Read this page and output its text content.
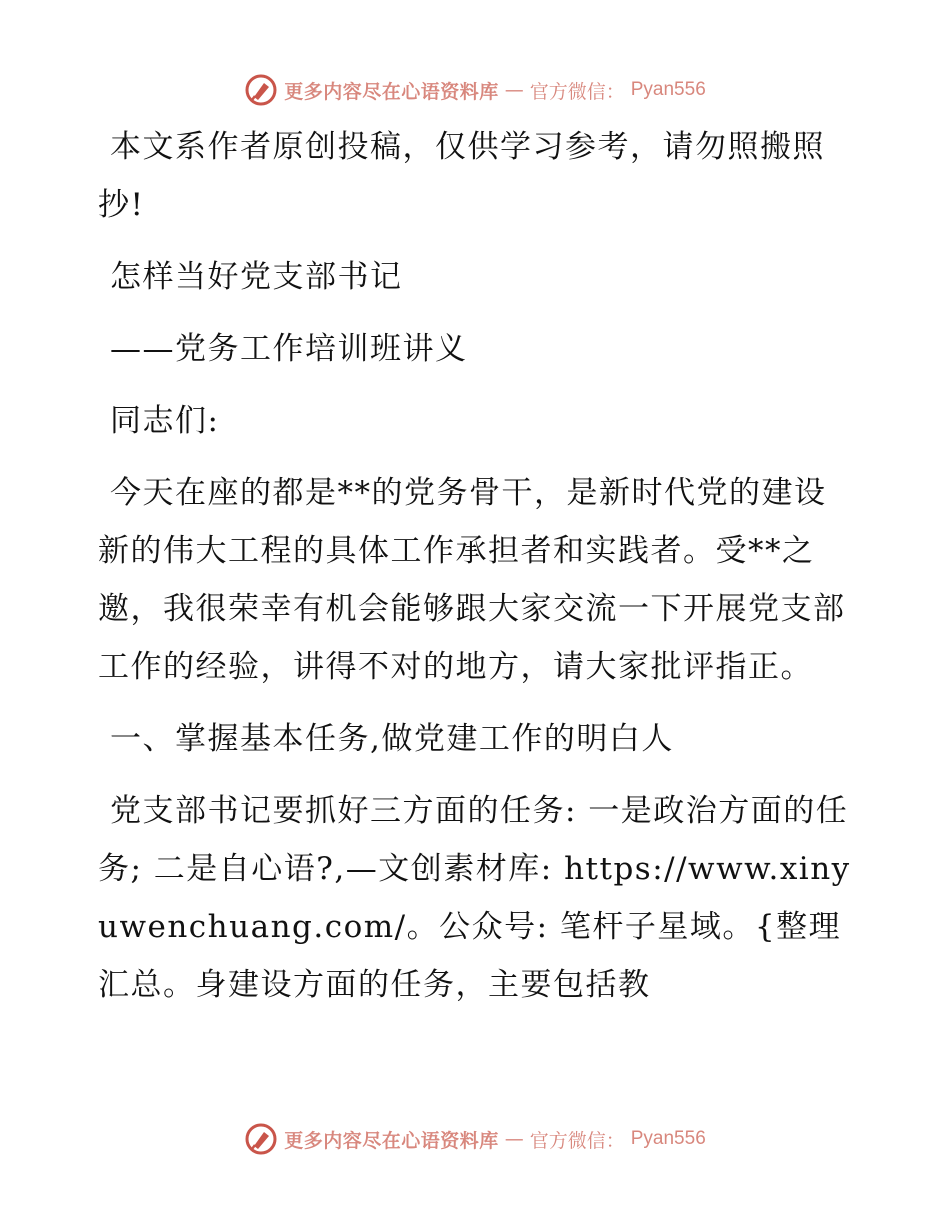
更多内容尽在心语资料库 — 官方微信： Pyan556

本文系作者原创投稿，仅供学习参考，请勿照搬照抄!

怎样当好党支部书记

——党务工作培训班讲义

同志们:

今天在座的都是**的党务骨干，是新时代党的建设新的伟大工程的具体工作承担者和实践者。受**之邀，我很荣幸有机会能够跟大家交流一下开展党支部工作的经验，讲得不对的地方，请大家批评指正。

一、掌握基本任务,做党建工作的明白人

党支部书记要抓好三方面的任务: 一是政治方面的任务; 二是自心语?,—文创素材库: https://www.xinyuwenchuang.com/。公众号: 笔杆子星域。{整理汇总。身建设方面的任务，主要包括教

更多内容尽在心语资料库 — 官方微信： Pyan556
